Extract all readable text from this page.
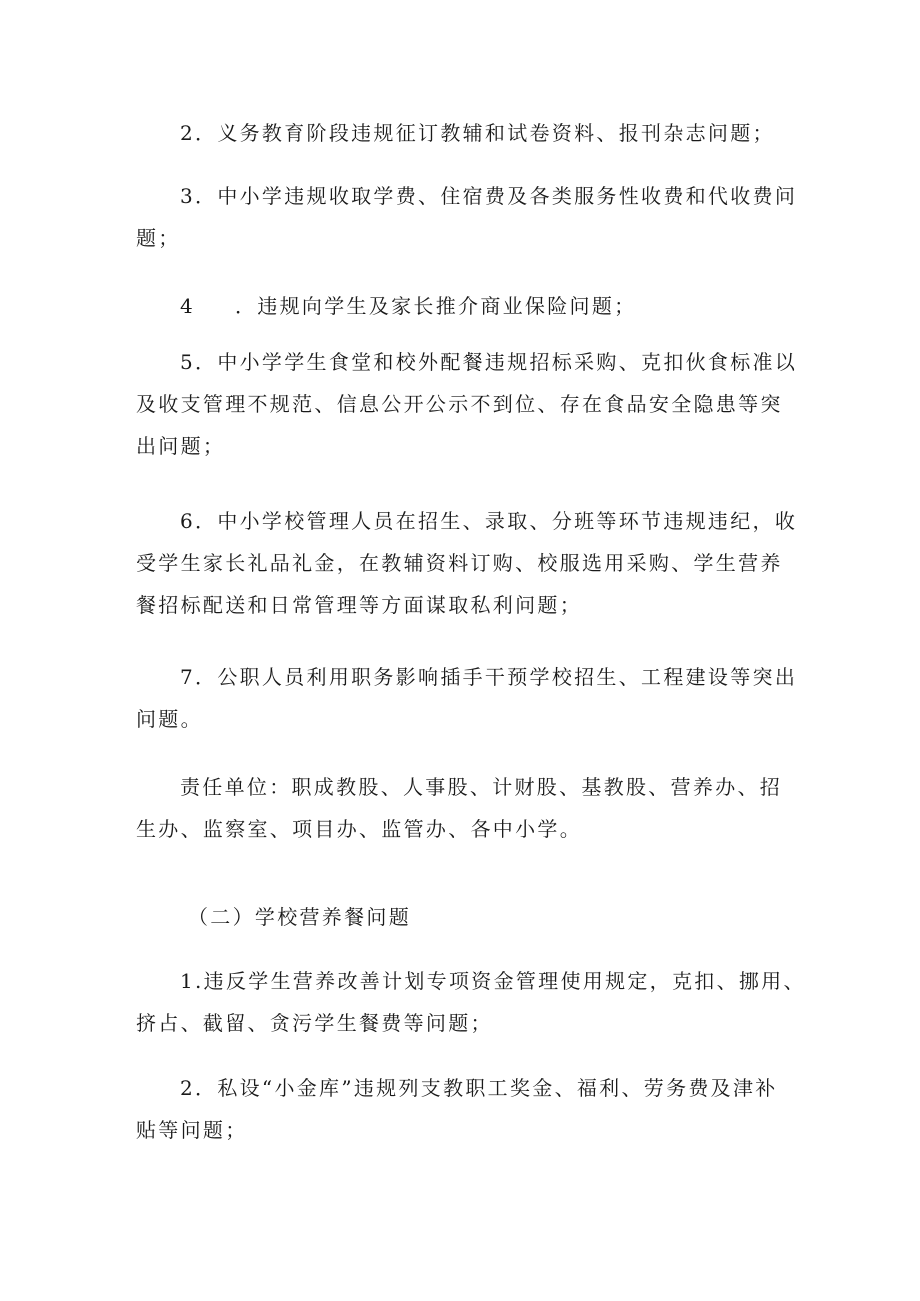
2．义务教育阶段违规征订教辅和试卷资料、报刊杂志问题；

3．中小学违规收取学费、住宿费及各类服务性收费和代收费问
题；

4 ．违规向学生及家长推介商业保险问题；

5．中小学学生食堂和校外配餐违规招标采购、克扣伙食标准以
及收支管理不规范、信息公开公示不到位、存在食品安全隐患等突
出问题；

6．中小学校管理人员在招生、录取、分班等环节违规违纪，收
受学生家长礼品礼金，在教辅资料订购、校服选用采购、学生营养
餐招标配送和日常管理等方面谋取私利问题；

7．公职人员利用职务影响插手干预学校招生、工程建设等突出
问题。

责任单位：职成教股、人事股、计财股、基教股、营养办、招
生办、监察室、项目办、监管办、各中小学。

（二）学校营养餐问题

1.违反学生营养改善计划专项资金管理使用规定，克扣、挪用、
挤占、截留、贪污学生餐费等问题；

2．私设“小金库”违规列支教职工奖金、福利、劳务费及津补
贴等问题；
